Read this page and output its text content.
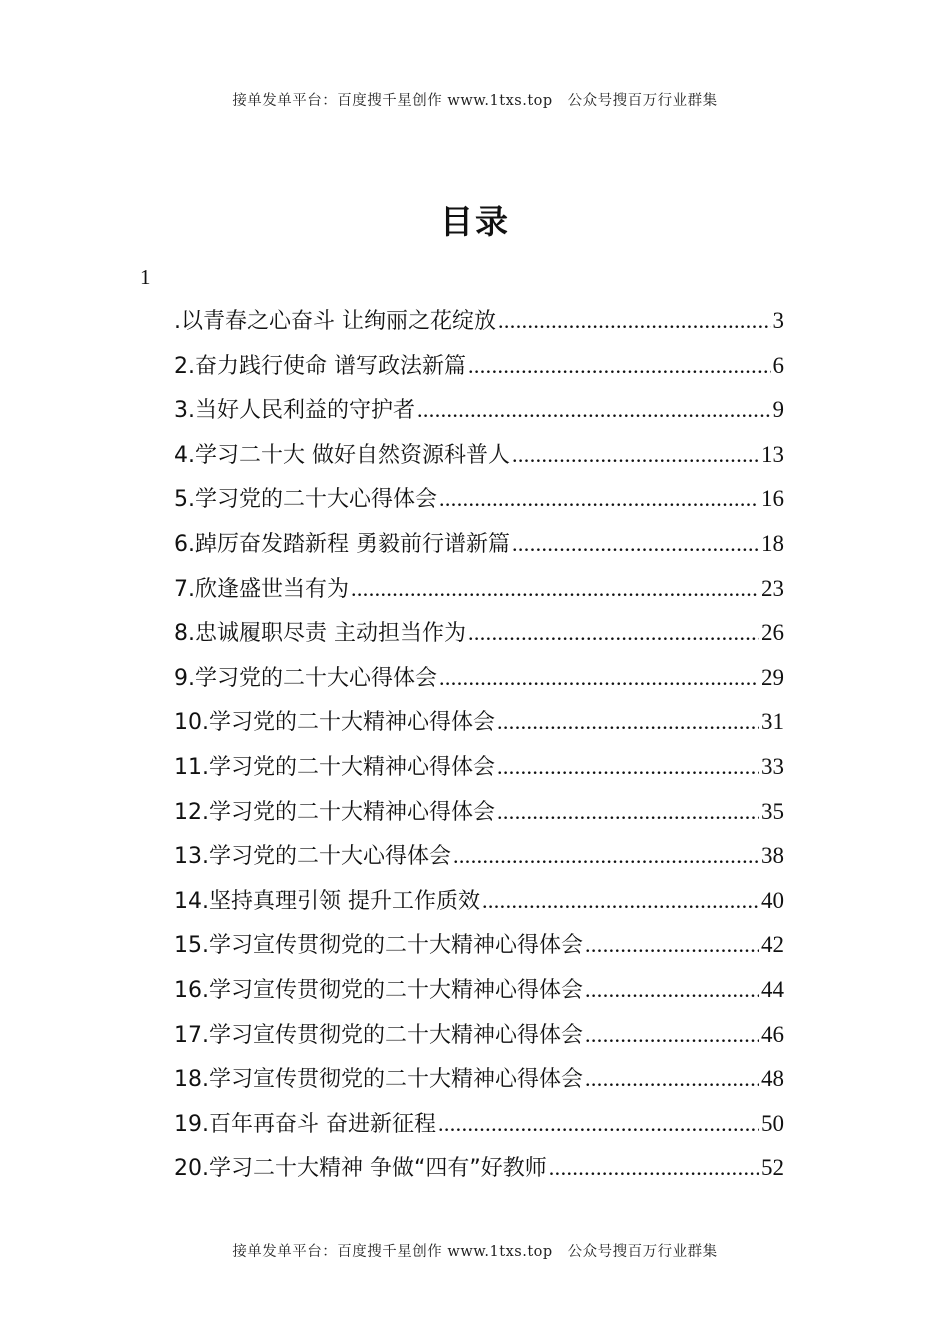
接单发单平台：百度搜千星创作 www.1txs.top　公众号搜百万行业群集
目录
1
.以青春之心奋斗 让绚丽之花绽放 .....	3
2.奋力践行使命 谱写政法新篇 .....	6
3.当好人民利益的守护者 .....	9
4.学习二十大 做好自然资源科普人 .....	13
5.学习党的二十大心得体会 .....	16
6.踔厉奋发踏新程 勇毅前行谱新篇 .....	18
7.欣逢盛世当有为 .....	23
8.忠诚履职尽责 主动担当作为 .....	26
9.学习党的二十大心得体会 .....	29
10.学习党的二十大精神心得体会 .....	31
11.学习党的二十大精神心得体会 .....	33
12.学习党的二十大精神心得体会 .....	35
13.学习党的二十大心得体会 .....	38
14.坚持真理引领 提升工作质效 .....	40
15.学习宣传贯彻党的二十大精神心得体会 .....	42
16.学习宣传贯彻党的二十大精神心得体会 .....	44
17.学习宣传贯彻党的二十大精神心得体会 .....	46
18.学习宣传贯彻党的二十大精神心得体会 .....	48
19.百年再奋斗 奋进新征程 .....	50
20.学习二十大精神 争做“四有”好教师 .....	52
接单发单平台：百度搜千星创作 www.1txs.top　公众号搜百万行业群集
